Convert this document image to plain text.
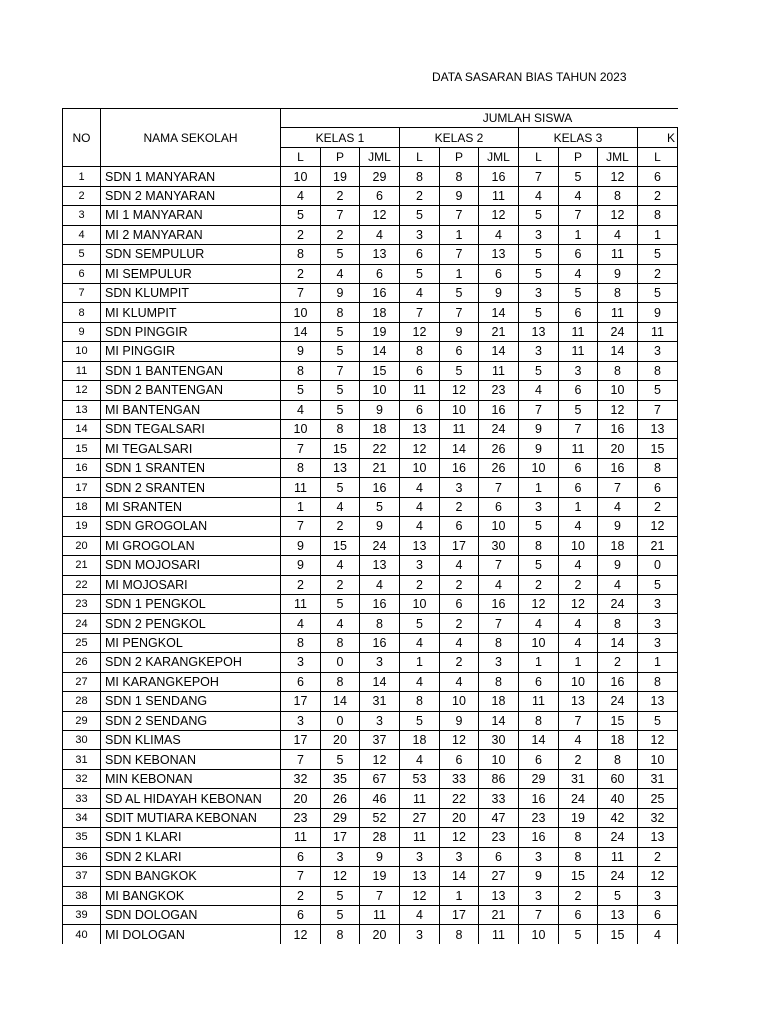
DATA SASARAN BIAS TAHUN 2023
NO	NAMA SEKOLAH	JUMLAH SISWA									
		KELAS 1			KELAS 2			KELAS 3			K
		L	P	JML	L	P	JML	L	P	JML	L
1	SDN 1 MANYARAN	10	19	29	8	8	16	7	5	12	6
2	SDN 2 MANYARAN	4	2	6	2	9	11	4	4	8	2
3	MI 1 MANYARAN	5	7	12	5	7	12	5	7	12	8
4	MI 2 MANYARAN	2	2	4	3	1	4	3	1	4	1
5	SDN SEMPULUR	8	5	13	6	7	13	5	6	11	5
6	MI SEMPULUR	2	4	6	5	1	6	5	4	9	2
7	SDN KLUMPIT	7	9	16	4	5	9	3	5	8	5
8	MI KLUMPIT	10	8	18	7	7	14	5	6	11	9
9	SDN PINGGIR	14	5	19	12	9	21	13	11	24	11
10	MI PINGGIR	9	5	14	8	6	14	3	11	14	3
11	SDN 1 BANTENGAN	8	7	15	6	5	11	5	3	8	8
12	SDN 2 BANTENGAN	5	5	10	11	12	23	4	6	10	5
13	MI BANTENGAN	4	5	9	6	10	16	7	5	12	7
14	SDN TEGALSARI	10	8	18	13	11	24	9	7	16	13
15	MI TEGALSARI	7	15	22	12	14	26	9	11	20	15
16	SDN 1 SRANTEN	8	13	21	10	16	26	10	6	16	8
17	SDN 2 SRANTEN	11	5	16	4	3	7	1	6	7	6
18	MI SRANTEN	1	4	5	4	2	6	3	1	4	2
19	SDN GROGOLAN	7	2	9	4	6	10	5	4	9	12
20	MI GROGOLAN	9	15	24	13	17	30	8	10	18	21
21	SDN MOJOSARI	9	4	13	3	4	7	5	4	9	0
22	MI MOJOSARI	2	2	4	2	2	4	2	2	4	5
23	SDN 1 PENGKOL	11	5	16	10	6	16	12	12	24	3
24	SDN 2 PENGKOL	4	4	8	5	2	7	4	4	8	3
25	MI PENGKOL	8	8	16	4	4	8	10	4	14	3
26	SDN 2 KARANGKEPOH	3	0	3	1	2	3	1	1	2	1
27	MI KARANGKEPOH	6	8	14	4	4	8	6	10	16	8
28	SDN 1 SENDANG	17	14	31	8	10	18	11	13	24	13
29	SDN 2 SENDANG	3	0	3	5	9	14	8	7	15	5
30	SDN KLIMAS	17	20	37	18	12	30	14	4	18	12
31	SDN KEBONAN	7	5	12	4	6	10	6	2	8	10
32	MIN KEBONAN	32	35	67	53	33	86	29	31	60	31
33	SD AL HIDAYAH KEBONAN	20	26	46	11	22	33	16	24	40	25
34	SDIT MUTIARA KEBONAN	23	29	52	27	20	47	23	19	42	32
35	SDN 1 KLARI	11	17	28	11	12	23	16	8	24	13
36	SDN 2 KLARI	6	3	9	3	3	6	3	8	11	2
37	SDN BANGKOK	7	12	19	13	14	27	9	15	24	12
38	MI BANGKOK	2	5	7	12	1	13	3	2	5	3
39	SDN DOLOGAN	6	5	11	4	17	21	7	6	13	6
40	MI DOLOGAN	12	8	20	3	8	11	10	5	15	4
